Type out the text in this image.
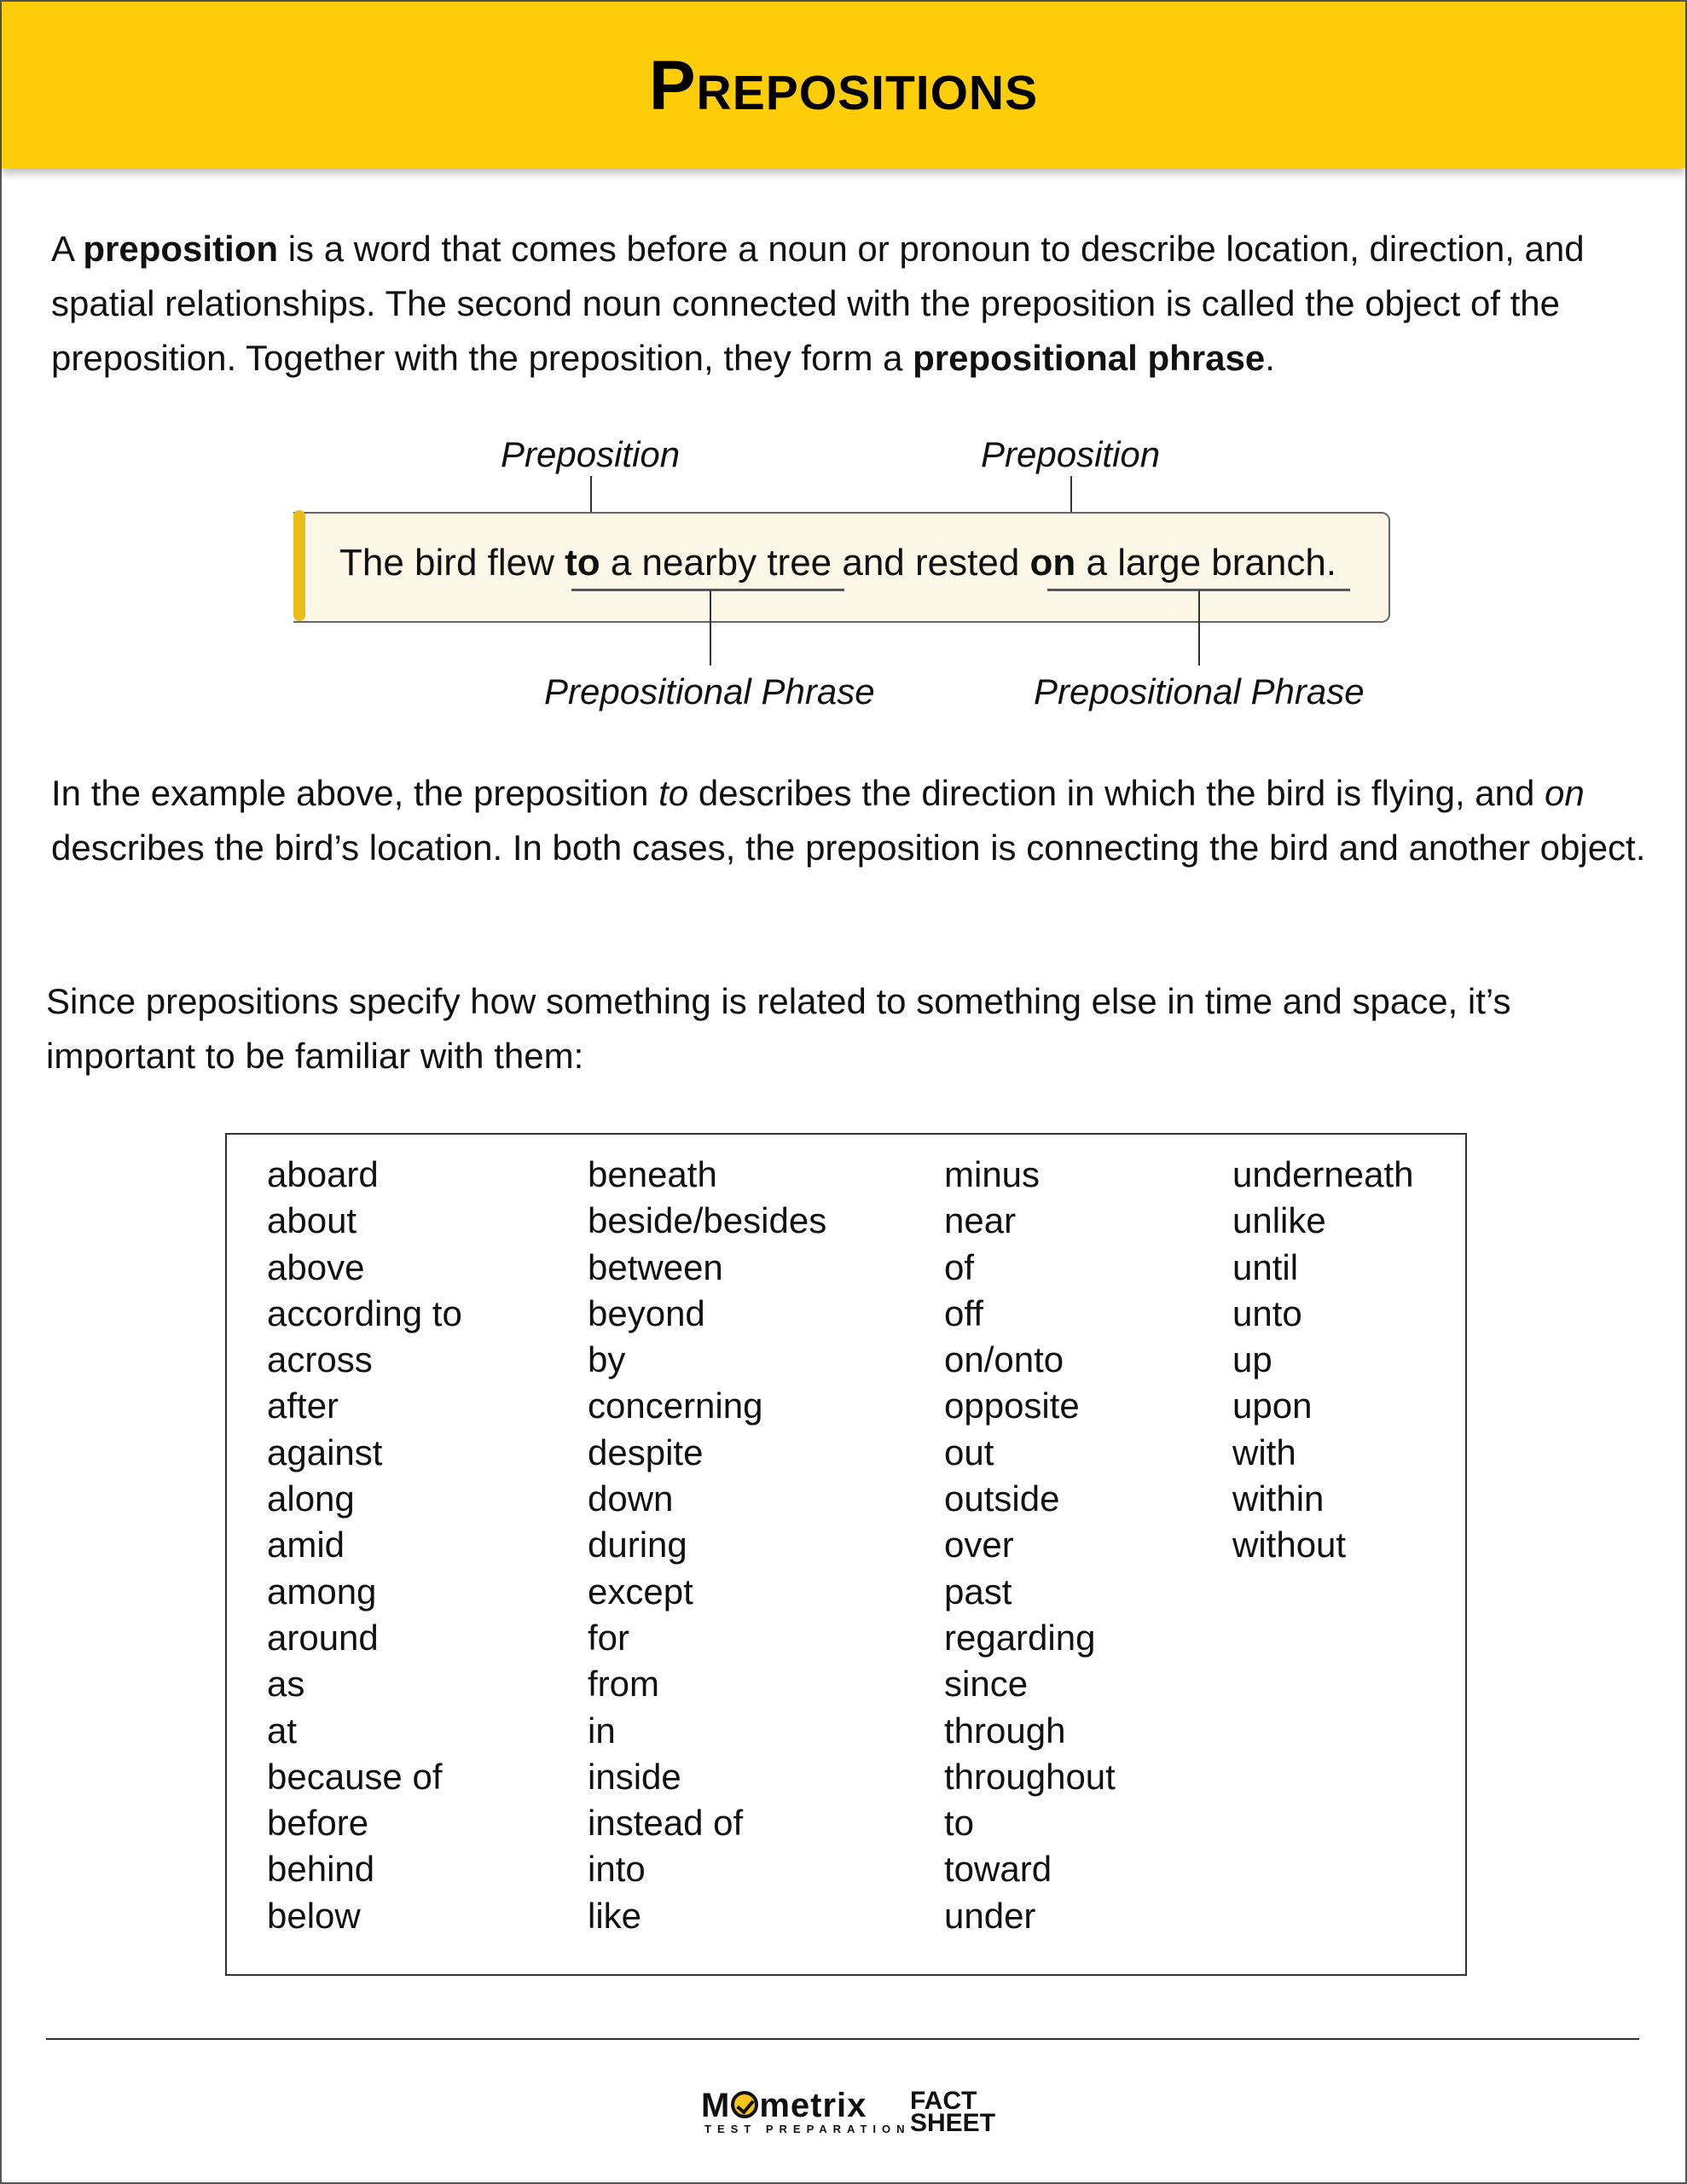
Prepositions
A preposition is a word that comes before a noun or pronoun to describe location, direction, and spatial relationships. The second noun connected with the preposition is called the object of the preposition. Together with the preposition, they form a prepositional phrase.
Preposition	Preposition
The bird flew to a nearby tree and rested on a large branch.
Prepositional Phrase	Prepositional Phrase
In the example above, the preposition to describes the direction in which the bird is flying, and on describes the bird’s location. In both cases, the preposition is connecting the bird and another object.
Since prepositions specify how something is related to something else in time and space, it’s important to be familiar with them:
aboard
about
above
according to
across
after
against
along
amid
among
around
as
at
because of
before
behind
below
beneath
beside/besides
between
beyond
by
concerning
despite
down
during
except
for
from
in
inside
instead of
into
like
minus
near
of
off
on/onto
opposite
out
outside
over
past
regarding
since
through
throughout
to
toward
under
underneath
unlike
until
unto
up
upon
with
within
without
M metrix
TEST PREPARATION
FACT
SHEET
